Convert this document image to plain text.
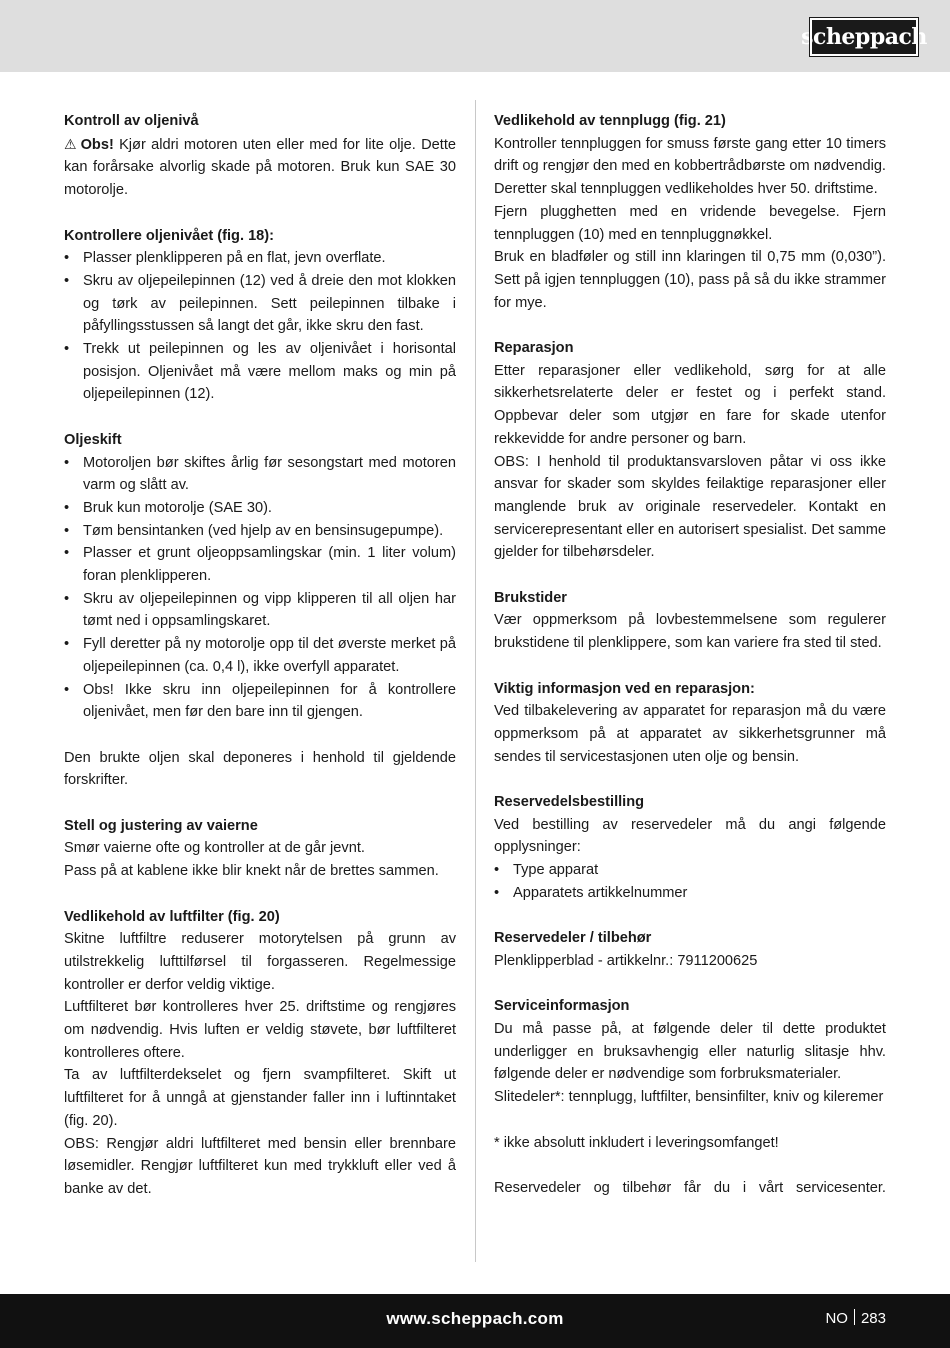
scheppach
Kontroll av oljenivå

⚠ Obs! Kjør aldri motoren uten eller med for lite olje. Dette kan forårsake alvorlig skade på motoren. Bruk kun SAE 30 motorolje.

Kontrollere oljenivået (fig. 18):
• Plasser plenklipperen på en flat, jevn overflate.
• Skru av oljepeilepinnen (12) ved å dreie den mot klokken og tørk av peilepinnen. Sett peilepinnen tilbake i påfyllingsstussen så langt det går, ikke skru den fast.
• Trekk ut peilepinnen og les av oljenivået i horisontal posisjon. Oljenivået må være mellom maks og min på oljepeilepinnen (12).
Oljeskift
• Motoroljen bør skiftes årlig før sesongstart med motoren varm og slått av.
• Bruk kun motorolje (SAE 30).
• Tøm bensintanken (ved hjelp av en bensinsugepumpe).
• Plasser et grunt oljeoppsamlingskar (min. 1 liter volum) foran plenklipperen.
• Skru av oljepeilepinnen og vipp klipperen til all oljen har tømt ned i oppsamlingskaret.
• Fyll deretter på ny motorolje opp til det øverste merket på oljepeilepinnen (ca. 0,4 l), ikke overfyll apparatet.
• Obs! Ikke skru inn oljepeilepinnen for å kontrollere oljenivået, men før den bare inn til gjengen.

Den brukte oljen skal deponeres i henhold til gjeldende forskrifter.

Stell og justering av vaierne

Smør vaierne ofte og kontroller at de går jevnt.

Pass på at kablene ikke blir knekt når de brettes sammen.

Vedlikehold av luftfilter (fig. 20)

Skitne luftfiltre reduserer motorytelsen på grunn av utilstrekkelig lufttilførsel til forgasseren. Regelmessige kontroller er derfor veldig viktige.

Luftfilteret bør kontrolleres hver 25. driftstime og rengjøres om nødvendig. Hvis luften er veldig støvete, bør luftfilteret kontrolleres oftere.

Ta av luftfilterdekselet og fjern svampfilteret. Skift ut luftfilteret for å unngå at gjenstander faller inn i luftinntaket (fig. 20).

OBS: Rengjør aldri luftfilteret med bensin eller brennbare løsemidler. Rengjør luftfilteret kun med trykkluft eller ved å banke av det.

Vedlikehold av tennplugg (fig. 21)

Kontroller tennpluggen for smuss første gang etter 10 timers drift og rengjør den med en kobbertrådbørste om nødvendig. Deretter skal tennpluggen vedlikeholdes hver 50. driftstime.

Fjern plugghetten med en vridende bevegelse. Fjern tennpluggen (10) med en tennpluggnøkkel.

Bruk en bladføler og still inn klaringen til 0,75 mm (0,030”). Sett på igjen tennpluggen (10), pass på så du ikke strammer for mye.

Reparasjon

Etter reparasjoner eller vedlikehold, sørg for at alle sikkerhetsrelaterte deler er festet og i perfekt stand. Oppbevar deler som utgjør en fare for skade utenfor rekkevidde for andre personer og barn.

OBS: I henhold til produktansvarsloven påtar vi oss ikke ansvar for skader som skyldes feilaktige reparasjoner eller manglende bruk av originale reservedeler. Kontakt en servicerepresentant eller en autorisert spesialist. Det samme gjelder for tilbehørsdeler.

Brukstider

Vær oppmerksom på lovbestemmelsene som regulerer brukstidene til plenklippere, som kan variere fra sted til sted.

Viktig informasjon ved en reparasjon:

Ved tilbakelevering av apparatet for reparasjon må du være oppmerksom på at apparatet av sikkerhetsgrunner må sendes til servicestasjonen uten olje og bensin.

Reservedelsbestilling

Ved bestilling av reservedeler må du angi følgende opplysninger:

• Type apparat
• Apparatets artikkelnummer
Reservedeler / tilbehør

Plenklipperblad - artikkelnr.: 7911200625

Serviceinformasjon

Du må passe på, at følgende deler til dette produktet underligger en bruksavhengig eller naturlig slitasje hhv. følgende deler er nødvendige som forbruksmaterialer.

Slitedeler*: tennplugg, luftfilter, bensinfilter, kniv og kileremer

* ikke absolutt inkludert i leveringsomfanget!

Reservedeler og tilbehør får du i vårt servicesenter.

www.scheppach.com	NO 283
